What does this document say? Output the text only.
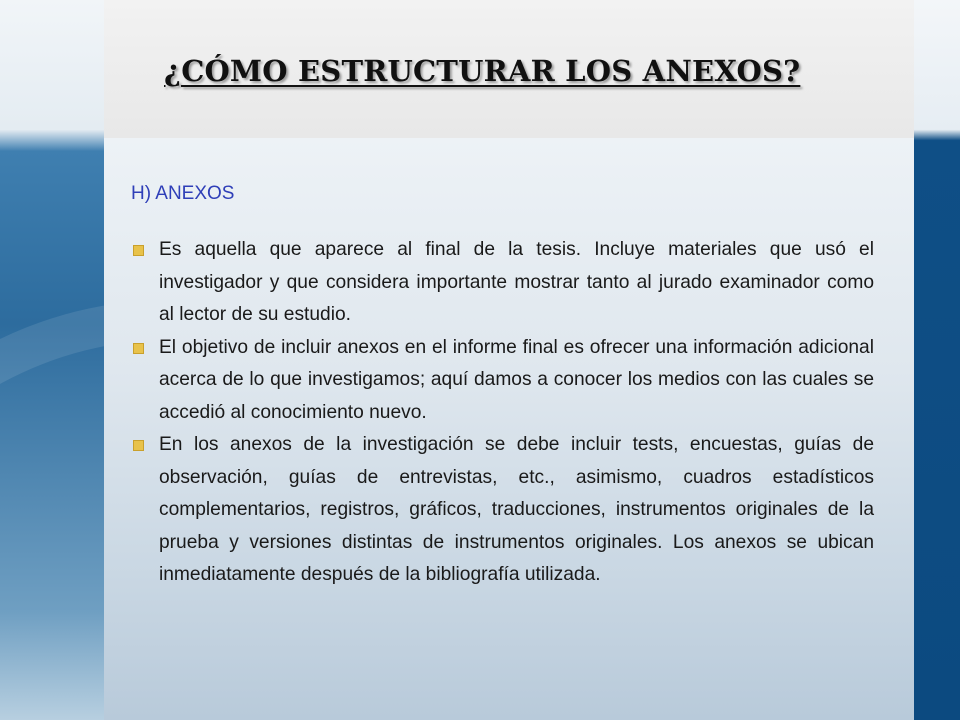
¿CÓMO ESTRUCTURAR LOS ANEXOS?
H) ANEXOS
Es aquella que aparece al final de la tesis. Incluye materiales que usó el investigador y que considera importante mostrar tanto al jurado examinador como al lector de su estudio.
El objetivo de incluir anexos en el informe final es ofrecer una información adicional acerca de lo que investigamos; aquí damos a conocer los medios con las cuales se accedió al conocimiento nuevo.
En los anexos de la investigación se debe incluir tests, encuestas, guías de observación, guías de entrevistas, etc., asimismo, cuadros estadísticos complementarios, registros, gráficos, traducciones, instrumentos originales de la prueba y versiones distintas de instrumentos originales. Los anexos se ubican inmediatamente después de la bibliografía utilizada.
